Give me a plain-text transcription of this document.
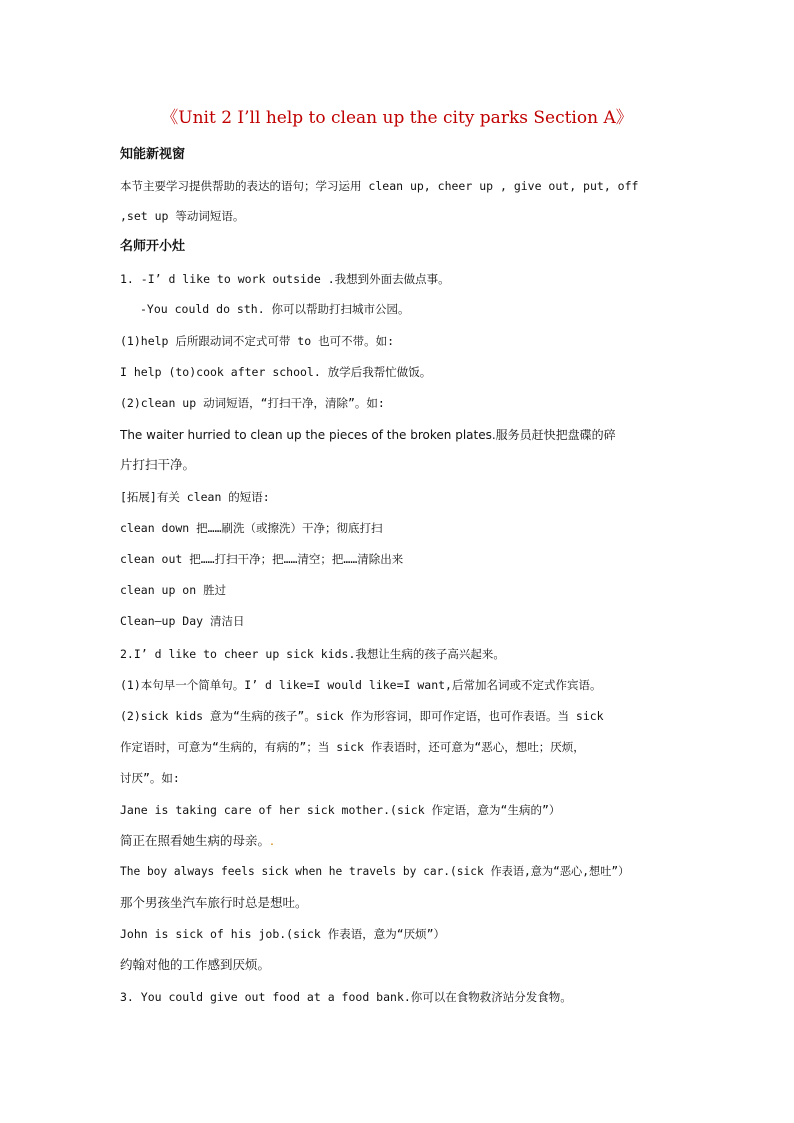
《Unit 2 I’ll help to clean up the city parks Section A》
知能新视窗
本节主要学习提供帮助的表达的语句；学习运用 clean up, cheer up , give out, put, off
,set up 等动词短语。
名师开小灶
1. -I’ d like to work outside .我想到外面去做点事。
-You could do sth. 你可以帮助打扫城市公园。
(1)help 后所跟动词不定式可带 to 也可不带。如:
I help (to)cook after school. 放学后我帮忙做饭。
(2)clean up 动词短语，“打扫干净，清除”。如:
The waiter hurried to clean up the pieces of the broken plates.服务员赶快把盘碟的碎
片打扫干净。
[拓展]有关 clean 的短语:
clean down 把……刷洗（或擦洗）干净；彻底打扫
clean out 把……打扫干净；把……清空；把……清除出来
clean up on 胜过
Clean—up Day 清洁日
2.I’ d like to cheer up sick kids.我想让生病的孩子高兴起来。
(1)本句早一个简单句。I’ d like=I would like=I want,后常加名词或不定式作宾语。
(2)sick kids 意为“生病的孩子”。sick 作为形容词，即可作定语，也可作表语。当 sick
作定语时，可意为“生病的，有病的”；当 sick 作表语时，还可意为“恶心，想吐；厌烦，
讨厌”。如:
Jane is taking care of her sick mother.(sick 作定语，意为“生病的”）
简正在照看她生病的母亲。.
The boy always feels sick when he travels by car.(sick 作表语,意为“恶心,想吐”）
那个男孩坐汽车旅行时总是想吐。
John is sick of his job.(sick 作表语，意为“厌烦”）
约翰对他的工作感到厌烦。
3. You could give out food at a food bank.你可以在食物救济站分发食物。
